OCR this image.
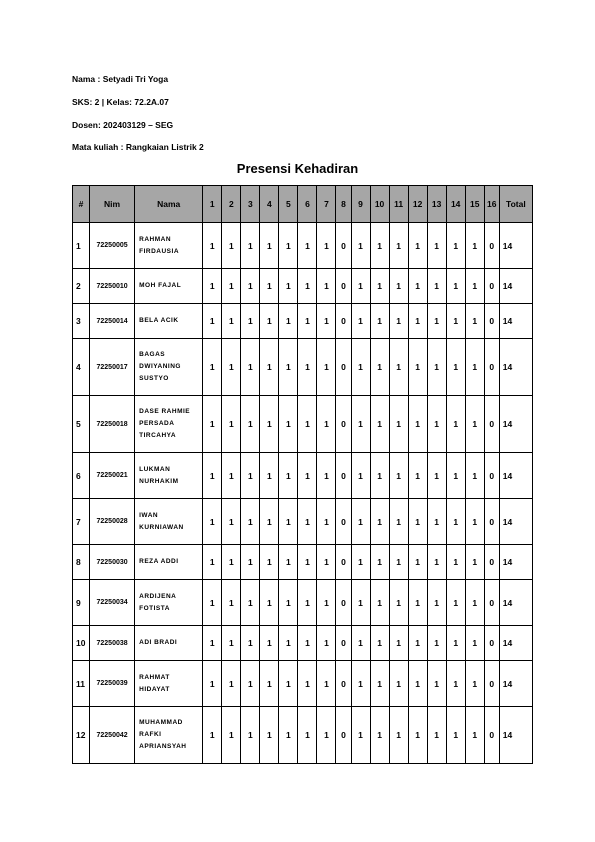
Nama : Setyadi Tri Yoga
SKS: 2 | Kelas: 72.2A.07
Dosen: 202403129 – SEG
Mata kuliah : Rangkaian Listrik 2
Presensi Kehadiran
#	Nim	Nama	1	2	3	4	5	6	7	8	9	10	11	12	13	14	15	16	Total
1	72250005	RAHMAN
FIRDAUSIA	1	1	1	1	1	1	1	0	1	1	1	1	1	1	1	0	14
2	72250010	MOH FAJAL	1	1	1	1	1	1	1	0	1	1	1	1	1	1	1	0	14
3	72250014	BELA ACIK	1	1	1	1	1	1	1	0	1	1	1	1	1	1	1	0	14
4	72250017	BAGAS
DWIYANING
SUSTYO	1	1	1	1	1	1	1	0	1	1	1	1	1	1	1	0	14
5	72250018	DASE RAHMIE
PERSADA
TIRCAHYA	1	1	1	1	1	1	1	0	1	1	1	1	1	1	1	0	14
6	72250021	LUKMAN
NURHAKIM	1	1	1	1	1	1	1	0	1	1	1	1	1	1	1	0	14
7	72250028	IWAN
KURNIAWAN	1	1	1	1	1	1	1	0	1	1	1	1	1	1	1	0	14
8	72250030	REZA ADDI	1	1	1	1	1	1	1	0	1	1	1	1	1	1	1	0	14
9	72250034	ARDIJENA
FOTISTA	1	1	1	1	1	1	1	0	1	1	1	1	1	1	1	0	14
10	72250038	ADI BRADI	1	1	1	1	1	1	1	0	1	1	1	1	1	1	1	0	14
11	72250039	RAHMAT
HIDAYAT	1	1	1	1	1	1	1	0	1	1	1	1	1	1	1	0	14
12	72250042	MUHAMMAD
RAFKI
APRIANSYAH	1	1	1	1	1	1	1	0	1	1	1	1	1	1	1	0	14
